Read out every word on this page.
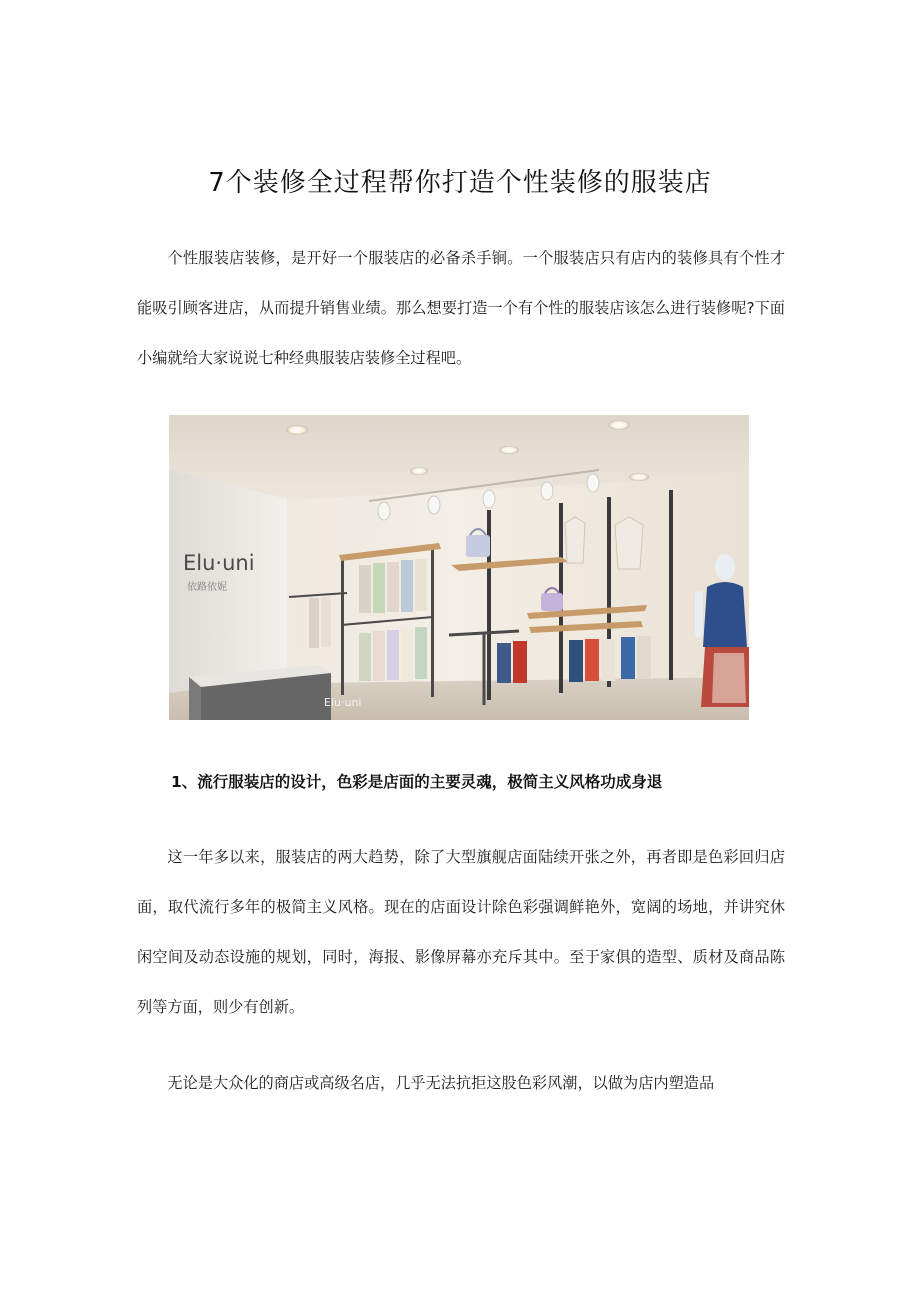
7个装修全过程帮你打造个性装修的服装店

个性服装店装修，是开好一个服装店的必备杀手锏。一个服装店只有店内的装修具有个性才能吸引顾客进店，从而提升销售业绩。那么想要打造一个有个性的服装店该怎么进行装修呢?下面小编就给大家说说七种经典服装店装修全过程吧。

Elu·uni
依路依妮
Elu·uni
1、流行服装店的设计，色彩是店面的主要灵魂，极简主义风格功成身退

这一年多以来，服装店的两大趋势，除了大型旗舰店面陆续开张之外，再者即是色彩回归店面，取代流行多年的极简主义风格。现在的店面设计除色彩强调鲜艳外，宽阔的场地，并讲究休闲空间及动态设施的规划，同时，海报、影像屏幕亦充斥其中。至于家俱的造型、质材及商品陈列等方面，则少有创新。

无论是大众化的商店或高级名店，几乎无法抗拒这股色彩风潮，以做为店内塑造品
